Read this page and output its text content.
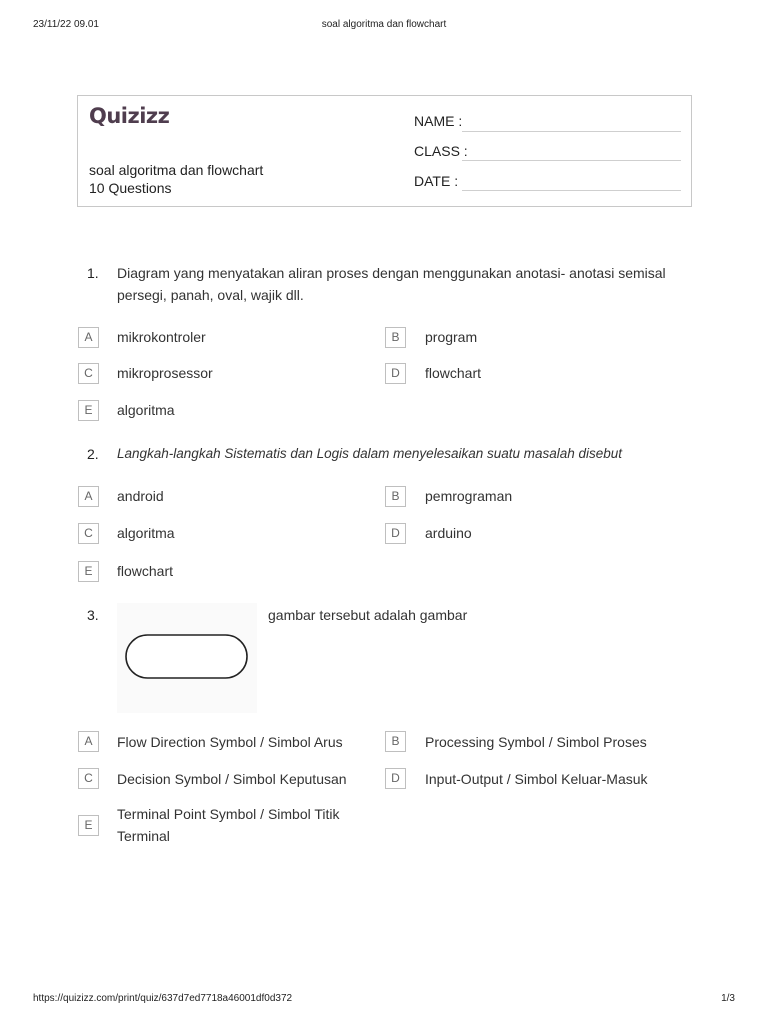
23/11/22 09.01	soal algoritma dan flowchart
https://quizizz.com/print/quiz/637d7ed7718a46001df0d372	1/3
Quizizz
soal algoritma dan flowchart
10 Questions
NAME :
CLASS :
DATE :
1. Diagram yang menyatakan aliran proses dengan menggunakan anotasi- anotasi semisal persegi, panah, oval, wajik dll.
A	mikrokontroler	B	program
C	mikroprosessor	D	flowchart
E	algoritma
2. Langkah-langkah Sistematis dan Logis dalam menyelesaikan suatu masalah disebut
A	android	B	pemrograman
C	algoritma	D	arduino
E	flowchart
3.	gambar tersebut adalah gambar
A	Flow Direction Symbol / Simbol Arus	B	Processing Symbol / Simbol Proses
C	Decision Symbol / Simbol Keputusan	D	Input-Output / Simbol Keluar-Masuk
E
Terminal Point Symbol / Simbol Titik Terminal
